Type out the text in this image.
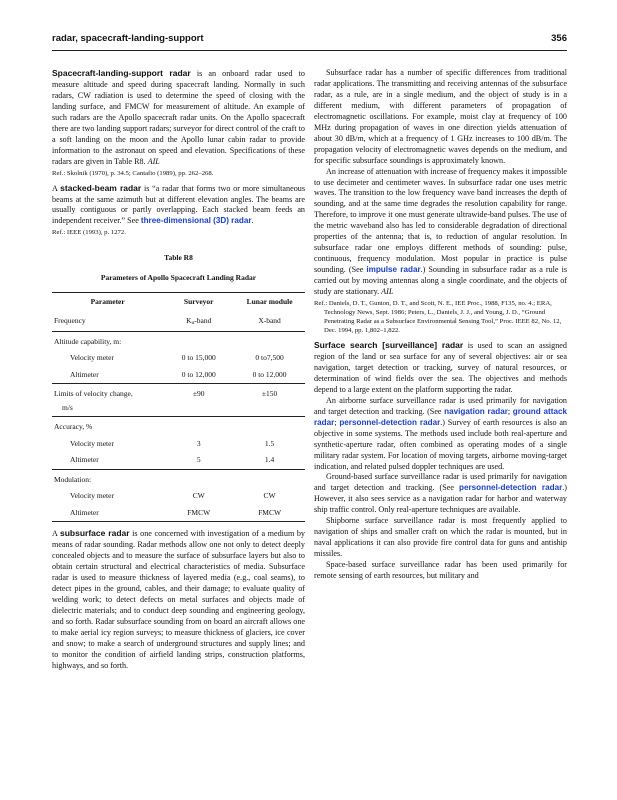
radar, spacecraft-landing-support	356

Spacecraft-landing-support radar is an onboard radar used to measure altitude and speed during spacecraft landing. Normally in such radars, CW radiation is used to determine the speed of closing with the landing surface, and FMCW for measurement of altitude. An example of such radars are the Apollo spacecraft radar units. On the Apollo spacecraft there are two landing support radars; surveyor for direct control of the craft to a soft landing on the moon and the Apollo lunar cabin radar to provide information to the astronaut on speed and elevation. Specifications of these radars are given in Table R8. AIL

Ref.: Skolnik (1970), p. 34.5; Cantafio (1989), pp. 262–268.

A stacked-beam radar is “a radar that forms two or more simultaneous beams at the same azimuth but at different elevation angles. The beams are usually contiguous or partly overlapping. Each stacked beam feeds an independent receiver.” See three-dimensional (3D) radar.

Ref.: IEEE (1993), p. 1272.

Table R8
Parameters of Apollo Spacecraft Landing Radar
Parameter	Surveyor	Lunar module
Frequency	Ku-band	X-band
Altitude capability, m:		
Velocity meter	0 to 15,000	0 to7,500
Altimeter	0 to 12,000	0 to 12,000
Limits of velocity change,	±90	±150
m/s		
Accuracy, %		
Velocity meter	3	1.5
Altimeter	5	1.4
Modulation:		
Velocity meter	CW	CW
Altimeter	FMCW	FMCW

A subsurface radar is one concerned with investigation of a medium by means of radar sounding. Radar methods allow one not only to detect deeply concealed objects and to measure the surface of subsurface layers but also to obtain certain structural and electrical characteristics of media. Subsurface radar is used to measure thickness of layered media (e.g., coal seams), to detect pipes in the ground, cables, and their damage; to evaluate quality of welding work; to detect defects on metal surfaces and objects made of dielectric materials; and to conduct deep sounding and engineering geology, and so forth. Radar subsurface sounding from on board an aircraft allows one to make aerial icy region surveys; to measure thickness of glaciers, ice cover and snow; to make a search of underground structures and supply lines; and to monitor the condition of airfield landing strips, construction platforms, highways, and so forth.

Subsurface radar has a number of specific differences from traditional radar applications. The transmitting and receiving antennas of the subsurface radar, as a rule, are in a single medium, and the object of study is in a different medium, with different parameters of propagation of electromagnetic oscillations. For example, moist clay at frequency of 100 MHz during propagation of waves in one direction yields attenuation of about 30 dB/m, which at a frequency of 1 GHz increases to 100 dB/m. The propagation velocity of electromagnetic waves depends on the medium, and for specific subsurface soundings is approximately known.

An increase of attenuation with increase of frequency makes it impossible to use decimeter and centimeter waves. In subsurface radar one uses metric waves. The transition to the low frequency wave band increases the depth of sounding, and at the same time degrades the resolution capability for range. Therefore, to improve it one must generate ultrawide-band pulses. The use of the metric waveband also has led to considerable degradation of directional properties of the antenna; that is, to reduction of angular resolution. In subsurface radar one employs different methods of sounding: pulse, continuous, frequency modulation. Most popular in practice is pulse sounding. (See impulse radar.) Sounding in subsurface radar as a rule is carried out by moving antennas along a single coordinate, and the objects of study are stationary. AIL

Ref.: Daniels, D. T., Gunton, D. T., and Scott, N. E., IEE Proc., 1988, F135, no. 4.; ERA, Technology News, Sept. 1986; Peters, L., Daniels, J. J., and Young, J. D., “Ground Penetrating Radar as a Subsurface Environmental Sensing Tool,” Proc. IEEE 82, No. 12, Dec. 1994, pp. 1,802–1,822.

Surface search [surveillance] radar is used to scan an assigned region of the land or sea surface for any of several objectives: air or sea navigation, target detection or tracking, survey of natural resources, or determination of wind fields over the sea. The objectives and methods depend to a large extent on the platform supporting the radar.

An airborne surface surveillance radar is used primarily for navigation and target detection and tracking. (See navigation radar; ground attack radar; personnel-detection radar.) Survey of earth resources is also an objective in some systems. The methods used include both real-aperture and synthetic-aperture radar, often combined as operating modes of a single military radar system. For location of moving targets, airborne moving-target indication, and related pulsed doppler techniques are used.

Ground-based surface surveillance radar is used primarily for navigation and target detection and tracking. (See personnel-detection radar.) However, it also sees service as a navigation radar for harbor and waterway ship traffic control. Only real-aperture techniques are available.

Shipborne surface surveillance radar is most frequently applied to navigation of ships and smaller craft on which the radar is mounted, but in naval applications it can also provide fire control data for guns and antiship missiles.

Space-based surface surveillance radar has been used primarily for remote sensing of earth resources, but military and
